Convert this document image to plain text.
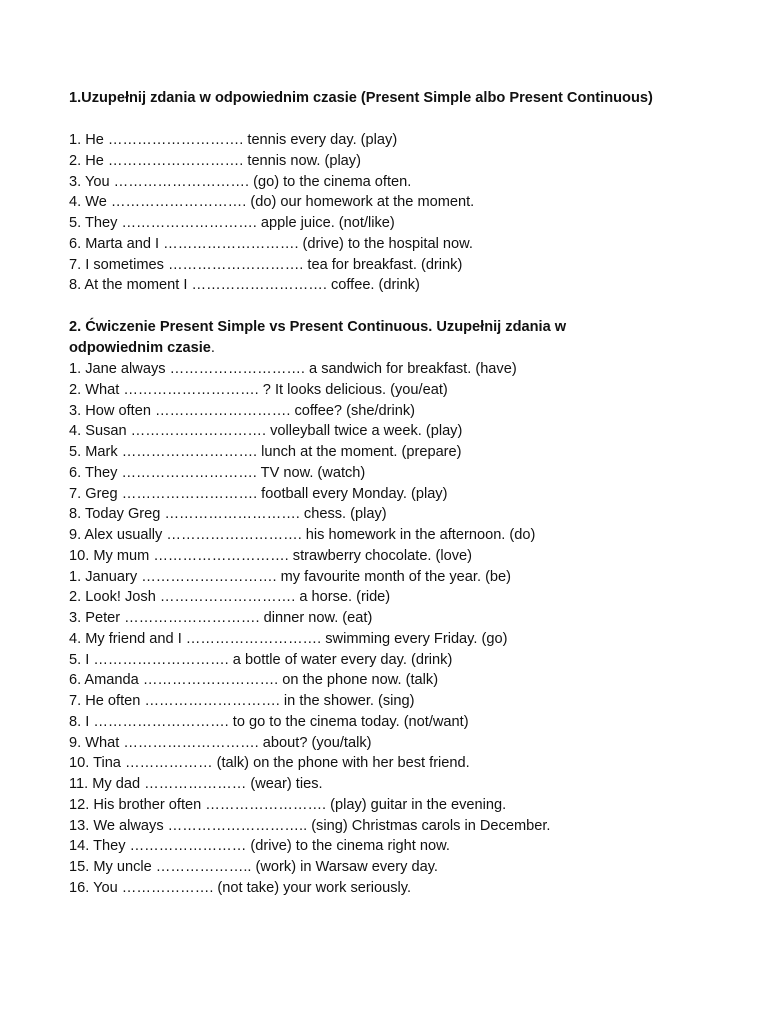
1.Uzupełnij zdania w odpowiednim czasie (Present Simple albo Present Continuous)

1. He ………………………. tennis every day. (play)
2. He ………………………. tennis now. (play)
3. You ………………………. (go) to the cinema often.
4. We ………………………. (do) our homework at the moment.
5. They ………………………. apple juice. (not/like)
6. Marta and I ………………………. (drive) to the hospital now.
7. I sometimes ………………………. tea for breakfast. (drink)
8. At the moment I ………………………. coffee. (drink)

2. Ćwiczenie Present Simple vs Present Continuous. Uzupełnij zdania w odpowiednim czasie.

1. Jane always ………………………. a sandwich for breakfast. (have)
2. What ………………………. ? It looks delicious. (you/eat)
3. How often ………………………. coffee? (she/drink)
4. Susan ………………………. volleyball twice a week. (play)
5. Mark ………………………. lunch at the moment. (prepare)
6. They ………………………. TV now. (watch)
7. Greg ………………………. football every Monday. (play)
8. Today Greg ………………………. chess. (play)
9. Alex usually ………………………. his homework in the afternoon. (do)
10. My mum ………………………. strawberry chocolate. (love)
1. January ………………………. my favourite month of the year. (be)
2. Look! Josh ………………………. a horse. (ride)
3. Peter ………………………. dinner now. (eat)
4. My friend and I ………………………. swimming every Friday. (go)
5. I ………………………. a bottle of water every day. (drink)
6. Amanda ………………………. on the phone now. (talk)
7. He often ………………………. in the shower. (sing)
8. I ………………………. to go to the cinema today. (not/want)
9. What ………………………. about? (you/talk)
10. Tina ……………… (talk) on the phone with her best friend.
11. My dad ………………… (wear) ties.
12. His brother often ……………………. (play) guitar in the evening.
13. We always ……………………….. (sing) Christmas carols in December.
14. They …………………… (drive) to the cinema right now.
15. My uncle ……………….. (work) in Warsaw every day.
16. You ………………. (not take) your work seriously.
